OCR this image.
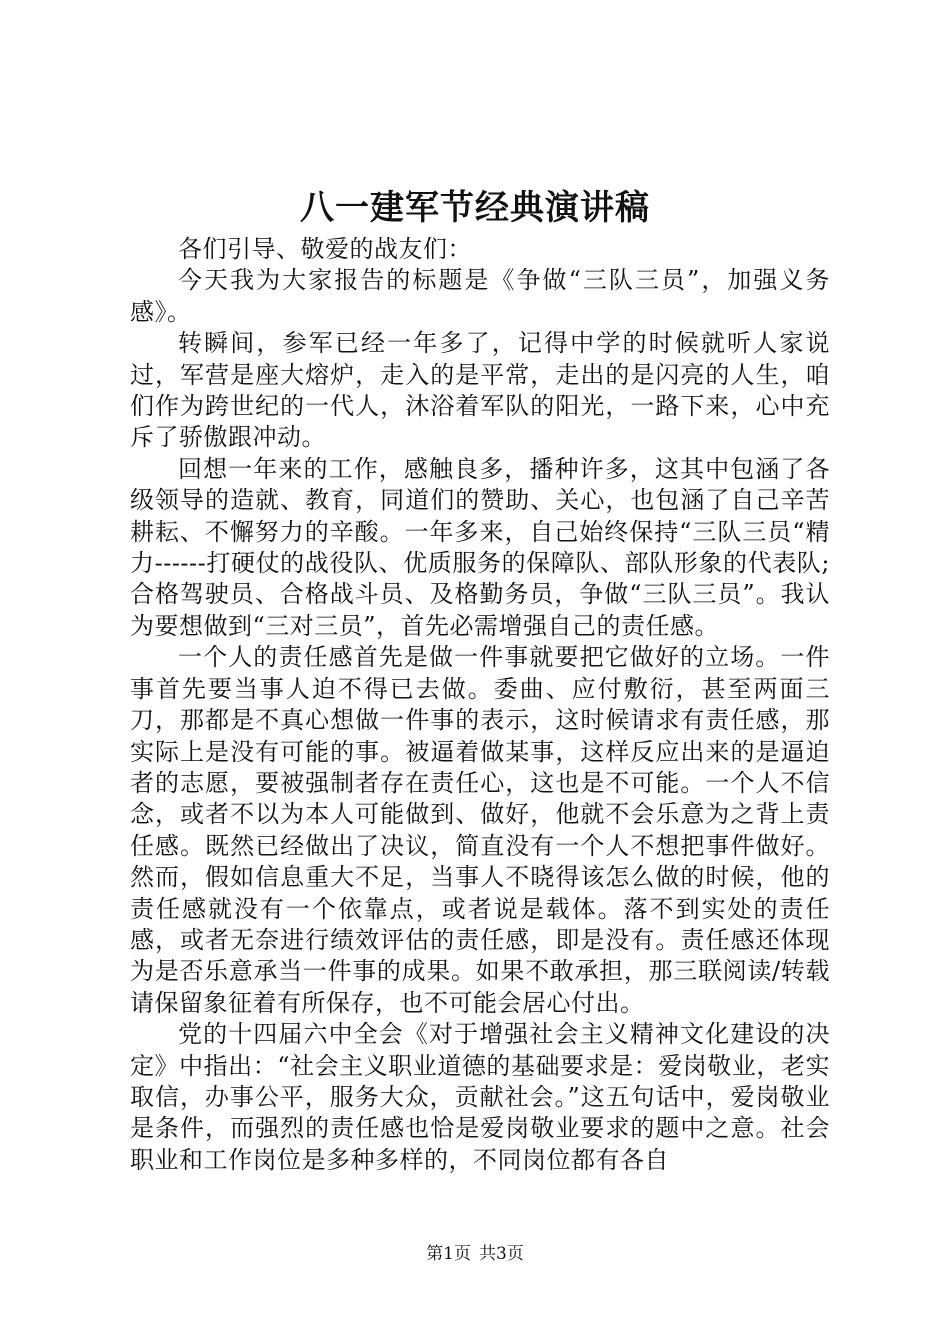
八一建军节经典演讲稿

各们引导、敬爱的战友们：

今天我为大家报告的标题是《争做“三队三员”，加强义务感》。

转瞬间，参军已经一年多了，记得中学的时候就听人家说过，军营是座大熔炉，走入的是平常，走出的是闪亮的人生，咱们作为跨世纪的一代人，沐浴着军队的阳光，一路下来，心中充斥了骄傲跟冲动。

回想一年来的工作，感触良多，播种许多，这其中包涵了各级领导的造就、教育，同道们的赞助、关心，也包涵了自己辛苦耕耘、不懈努力的辛酸。一年多来，自己始终保持“三队三员“精力------打硬仗的战役队、优质服务的保障队、部队形象的代表队;合格驾驶员、合格战斗员、及格勤务员，争做“三队三员”。我认为要想做到“三对三员”，首先必需增强自己的责任感。

一个人的责任感首先是做一件事就要把它做好的立场。一件事首先要当事人迫不得已去做。委曲、应付敷衍，甚至两面三刀，那都是不真心想做一件事的表示，这时候请求有责任感，那实际上是没有可能的事。被逼着做某事，这样反应出来的是逼迫者的志愿，要被强制者存在责任心，这也是不可能。一个人不信念，或者不以为本人可能做到、做好，他就不会乐意为之背上责任感。既然已经做出了决议，简直没有一个人不想把事件做好。然而，假如信息重大不足，当事人不晓得该怎么做的时候，他的责任感就没有一个依靠点，或者说是载体。落不到实处的责任感，或者无奈进行绩效评估的责任感，即是没有。责任感还体现为是否乐意承当一件事的成果。如果不敢承担，那三联阅读/转载请保留象征着有所保存，也不可能会居心付出。

党的十四届六中全会《对于增强社会主义精神文化建设的决定》中指出：“社会主义职业道德的基础要求是：爱岗敬业，老实取信，办事公平，服务大众，贡献社会。”这五句话中，爱岗敬业是条件，而强烈的责任感也恰是爱岗敬业要求的题中之意。社会职业和工作岗位是多种多样的，不同岗位都有各自

第1页 共3页
